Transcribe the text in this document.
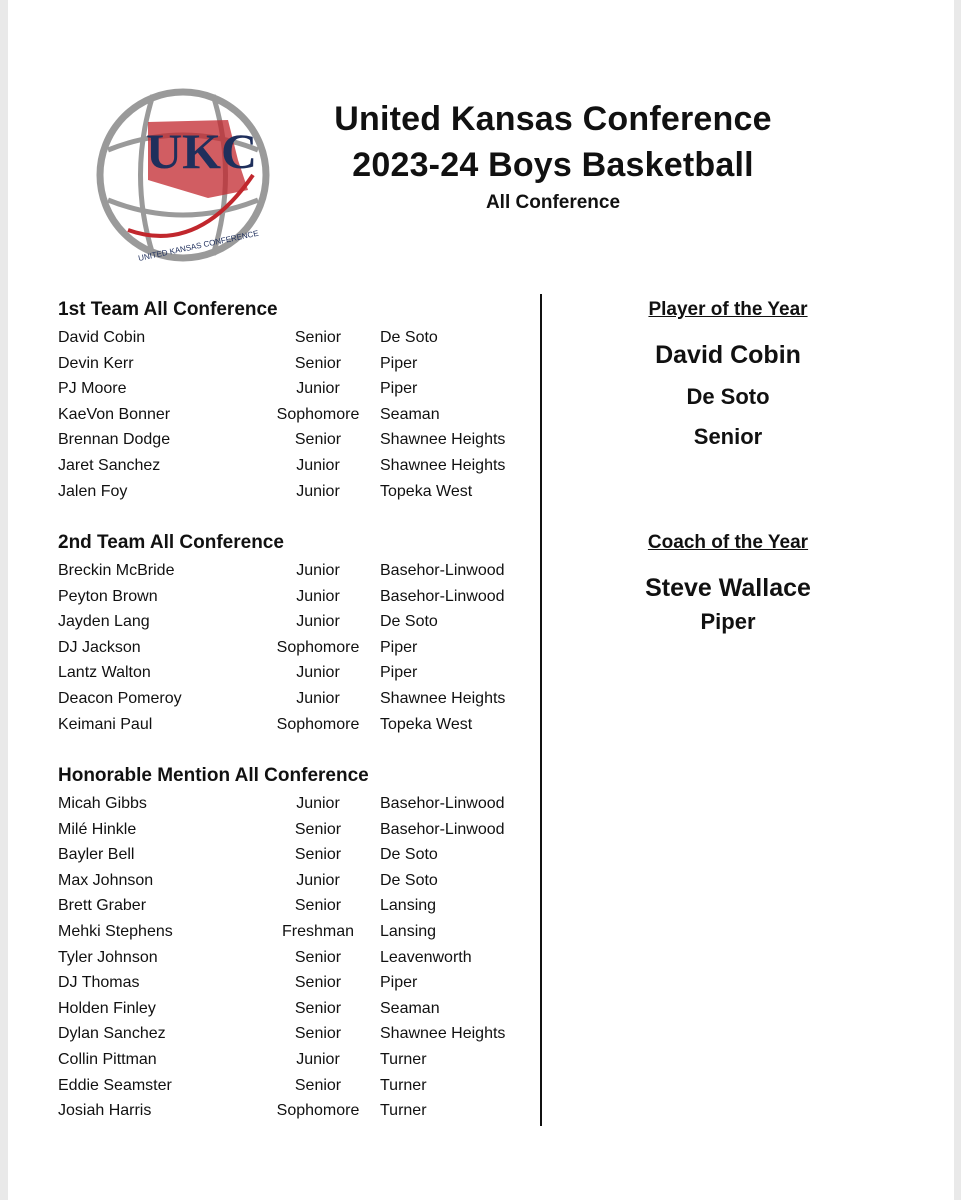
UKC
UNITED KANSAS CONFERENCE
United Kansas Conference
2023-24 Boys Basketball
All Conference
1st Team All Conference
David Cobin	Senior	De Soto
Devin Kerr	Senior	Piper
PJ Moore	Junior	Piper
KaeVon Bonner	Sophomore	Seaman
Brennan Dodge	Senior	Shawnee Heights
Jaret Sanchez	Junior	Shawnee Heights
Jalen Foy	Junior	Topeka West
2nd Team All Conference
Breckin McBride	Junior	Basehor-Linwood
Peyton Brown	Junior	Basehor-Linwood
Jayden Lang	Junior	De Soto
DJ Jackson	Sophomore	Piper
Lantz Walton	Junior	Piper
Deacon Pomeroy	Junior	Shawnee Heights
Keimani Paul	Sophomore	Topeka West
Honorable Mention All Conference
Micah Gibbs	Junior	Basehor-Linwood
Milé Hinkle	Senior	Basehor-Linwood
Bayler Bell	Senior	De Soto
Max Johnson	Junior	De Soto
Brett Graber	Senior	Lansing
Mehki Stephens	Freshman	Lansing
Tyler Johnson	Senior	Leavenworth
DJ Thomas	Senior	Piper
Holden Finley	Senior	Seaman
Dylan Sanchez	Senior	Shawnee Heights
Collin Pittman	Junior	Turner
Eddie Seamster	Senior	Turner
Josiah Harris	Sophomore	Turner
Player of the Year
David Cobin
De Soto
Senior
Coach of the Year
Steve Wallace
Piper
